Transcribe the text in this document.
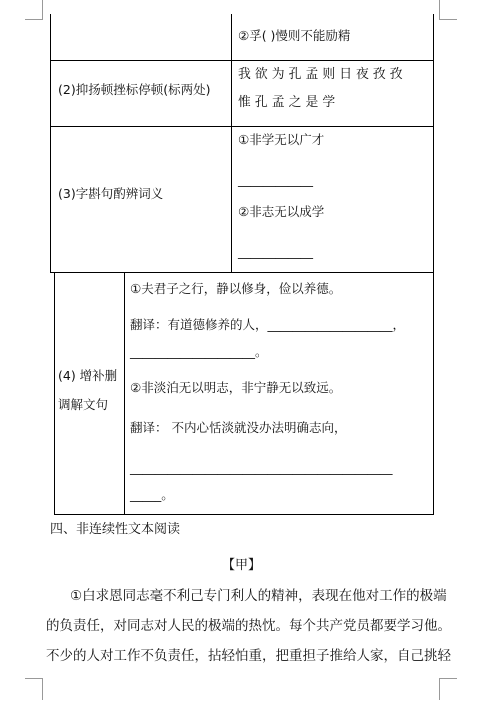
②孚( )慢则不能励精
(2)抑扬顿挫标停顿(标两处)
我 欲 为 孔 孟 则 日 夜 孜 孜
惟 孔 孟 之 是 学
(3)字斟句酌辨词义
①非学无以广才
____________
②非志无以成学
____________
(4) 增补删
调解文句
①夫君子之行，静以修身，俭以养德。
翻译：有道德修养的人，____________________，
____________________。
②非淡泊无以明志，非宁静无以致远。
翻译： 不内心恬淡就没办法明确志向，
__________________________________________
_____。
四、非连续性文本阅读
【甲】
①白求恩同志毫不利己专门利人的精神，表现在他对工作的极端
的负责任，对同志对人民的极端的热忱。每个共产党员都要学习他。
不少的人对工作不负责任，拈轻怕重，把重担子推给人家，自己挑轻
